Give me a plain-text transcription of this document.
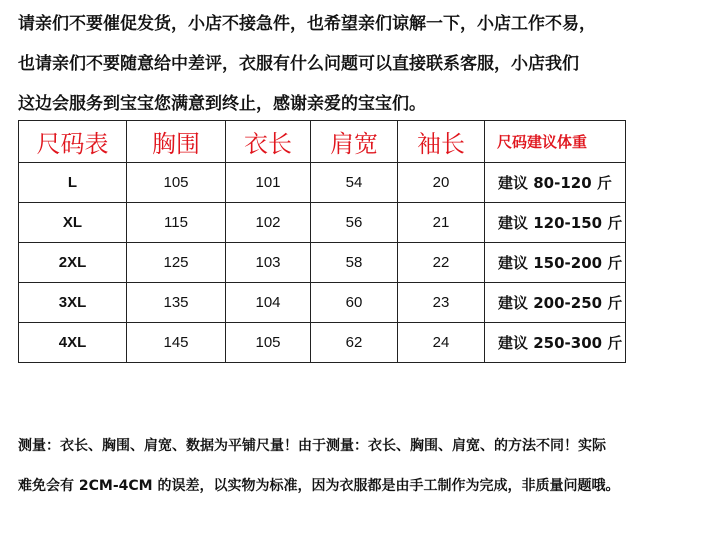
请亲们不要催促发货，小店不接急件，也希望亲们谅解一下，小店工作不易，
也请亲们不要随意给中差评，衣服有什么问题可以直接联系客服，小店我们
这边会服务到宝宝您满意到终止，感谢亲爱的宝宝们。
尺码表	胸围	衣长	肩宽	袖长	尺码建议体重
L	105	101	54	20	建议 80-120 斤
XL	115	102	56	21	建议 120-150 斤
2XL	125	103	58	22	建议 150-200 斤
3XL	135	104	60	23	建议 200-250 斤
4XL	145	105	62	24	建议 250-300 斤
测量：衣长、胸围、肩宽、数据为平铺尺量！由于测量：衣长、胸围、肩宽、的方法不同！实际
难免会有 2CM-4CM 的误差，以实物为标准，因为衣服都是由手工制作为完成，非质量问题哦。
